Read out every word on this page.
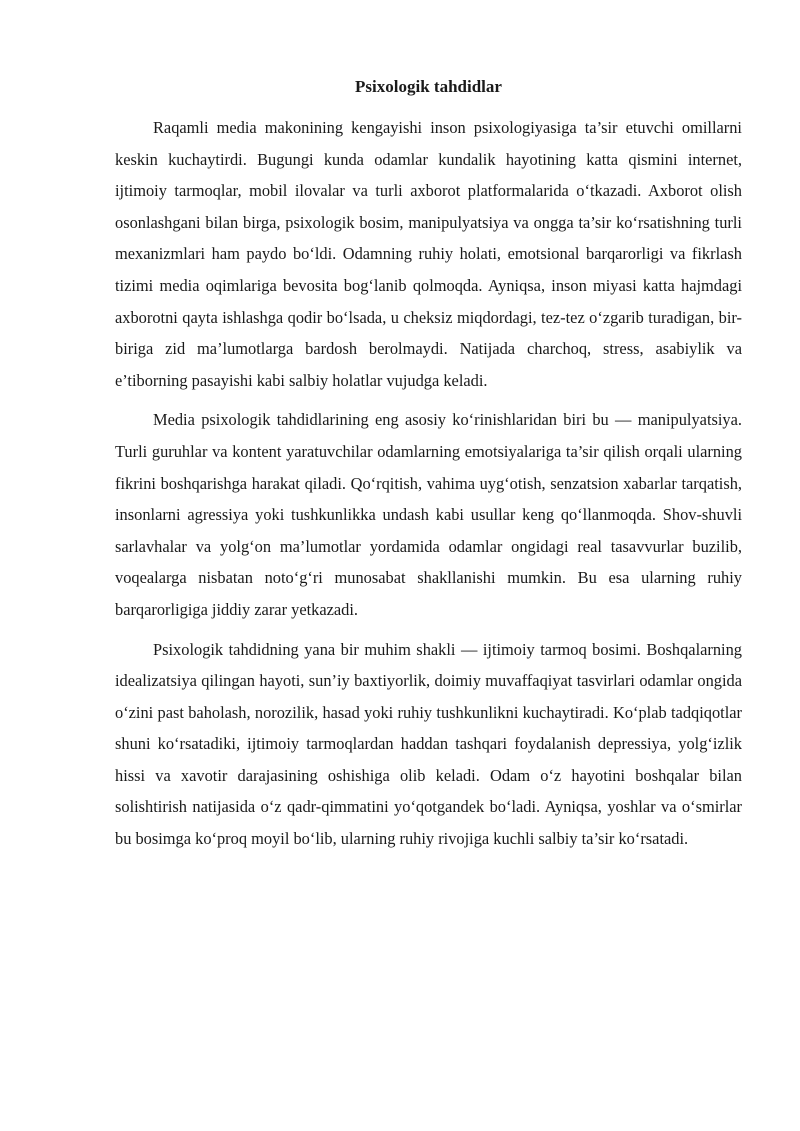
Psixologik tahdidlar

Raqamli media makonining kengayishi inson psixologiyasiga ta’sir etuvchi omillarni keskin kuchaytirdi. Bugungi kunda odamlar kundalik hayotining katta qismini internet, ijtimoiy tarmoqlar, mobil ilovalar va turli axborot platformalarida o‘tkazadi. Axborot olish osonlashgani bilan birga, psixologik bosim, manipulyatsiya va ongga ta’sir ko‘rsatishning turli mexanizmlari ham paydo bo‘ldi. Odamning ruhiy holati, emotsional barqarorligi va fikrlash tizimi media oqimlariga bevosita bog‘lanib qolmoqda. Ayniqsa, inson miyasi katta hajmdagi axborotni qayta ishlashga qodir bo‘lsada, u cheksiz miqdordagi, tez-tez o‘zgarib turadigan, bir-biriga zid ma’lumotlarga bardosh berolmaydi. Natijada charchoq, stress, asabiylik va e’tiborning pasayishi kabi salbiy holatlar vujudga keladi.

Media psixologik tahdidlarining eng asosiy ko‘rinishlaridan biri bu — manipulyatsiya. Turli guruhlar va kontent yaratuvchilar odamlarning emotsiyalariga ta’sir qilish orqali ularning fikrini boshqarishga harakat qiladi. Qo‘rqitish, vahima uyg‘otish, senzatsion xabarlar tarqatish, insonlarni agressiya yoki tushkunlikka undash kabi usullar keng qo‘llanmoqda. Shov-shuvli sarlavhalar va yolg‘on ma’lumotlar yordamida odamlar ongidagi real tasavvurlar buzilib, voqealarga nisbatan noto‘g‘ri munosabat shakllanishi mumkin. Bu esa ularning ruhiy barqarorligiga jiddiy zarar yetkazadi.

Psixologik tahdidning yana bir muhim shakli — ijtimoiy tarmoq bosimi. Boshqalarning idealizatsiya qilingan hayoti, sun’iy baxtiyorlik, doimiy muvaffaqiyat tasvirlari odamlar ongida o‘zini past baholash, norozilik, hasad yoki ruhiy tushkunlikni kuchaytiradi. Ko‘plab tadqiqotlar shuni ko‘rsatadiki, ijtimoiy tarmoqlardan haddan tashqari foydalanish depressiya, yolg‘izlik hissi va xavotir darajasining oshishiga olib keladi. Odam o‘z hayotini boshqalar bilan solishtirish natijasida o‘z qadr-qimmatini yo‘qotgandek bo‘ladi. Ayniqsa, yoshlar va o‘smirlar bu bosimga ko‘proq moyil bo‘lib, ularning ruhiy rivojiga kuchli salbiy ta’sir ko‘rsatadi.
